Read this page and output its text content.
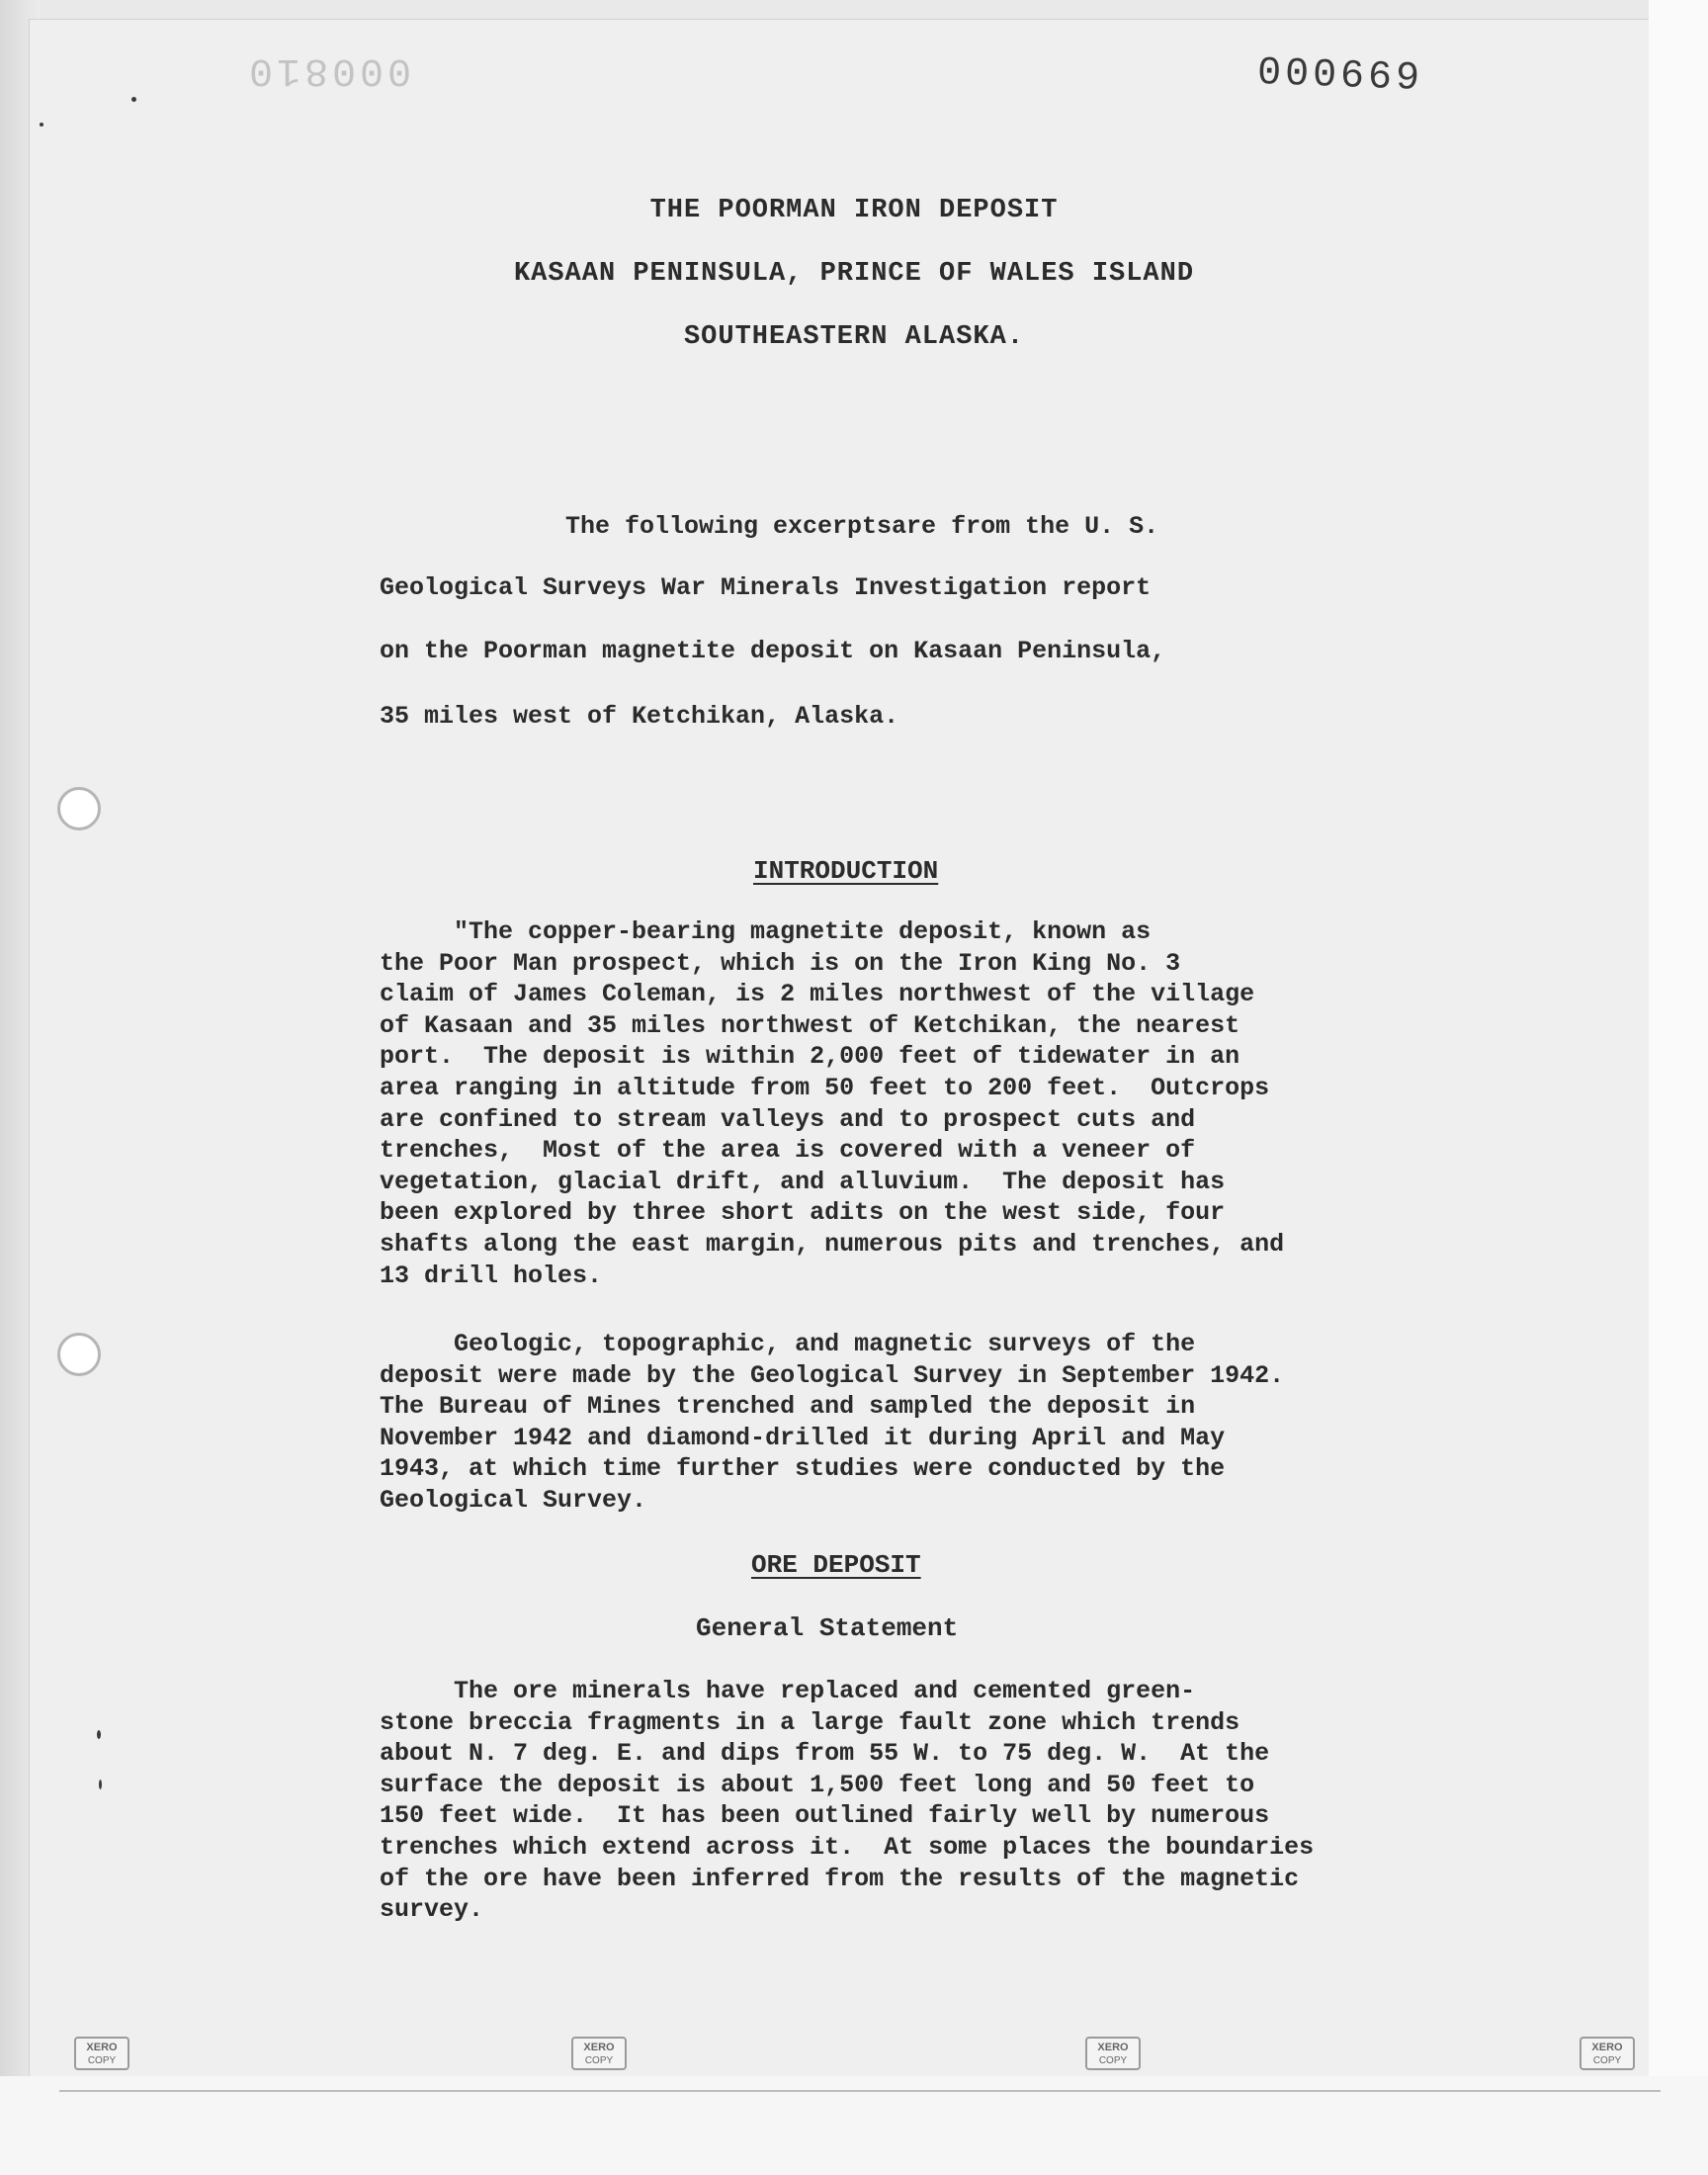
000810	000669
THE POORMAN IRON DEPOSIT
KASAAN PENINSULA, PRINCE OF WALES ISLAND
SOUTHEASTERN ALASKA.
The following excerptsare from the U. S.
Geological Surveys War Minerals Investigation report
on the Poorman magnetite deposit on Kasaan Peninsula,
35 miles west of Ketchikan, Alaska.
INTRODUCTION
"The copper-bearing magnetite deposit, known as
the Poor Man prospect, which is on the Iron King No. 3
claim of James Coleman, is 2 miles northwest of the village
of Kasaan and 35 miles northwest of Ketchikan, the nearest
port.  The deposit is within 2,000 feet of tidewater in an
area ranging in altitude from 50 feet to 200 feet.  Outcrops
are confined to stream valleys and to prospect cuts and
trenches,  Most of the area is covered with a veneer of
vegetation, glacial drift, and alluvium.  The deposit has
been explored by three short adits on the west side, four
shafts along the east margin, numerous pits and trenches, and
13 drill holes.
Geologic, topographic, and magnetic surveys of the
deposit were made by the Geological Survey in September 1942.
The Bureau of Mines trenched and sampled the deposit in
November 1942 and diamond-drilled it during April and May
1943, at which time further studies were conducted by the
Geological Survey.
ORE DEPOSIT
General Statement
The ore minerals have replaced and cemented green-
stone breccia fragments in a large fault zone which trends
about N. 7 deg. E. and dips from 55 W. to 75 deg. W.  At the
surface the deposit is about 1,500 feet long and 50 feet to
150 feet wide.  It has been outlined fairly well by numerous
trenches which extend across it.  At some places the boundaries
of the ore have been inferred from the results of the magnetic
survey.
XERO
COPY
XERO
COPY
XERO
COPY
XERO
COPY
